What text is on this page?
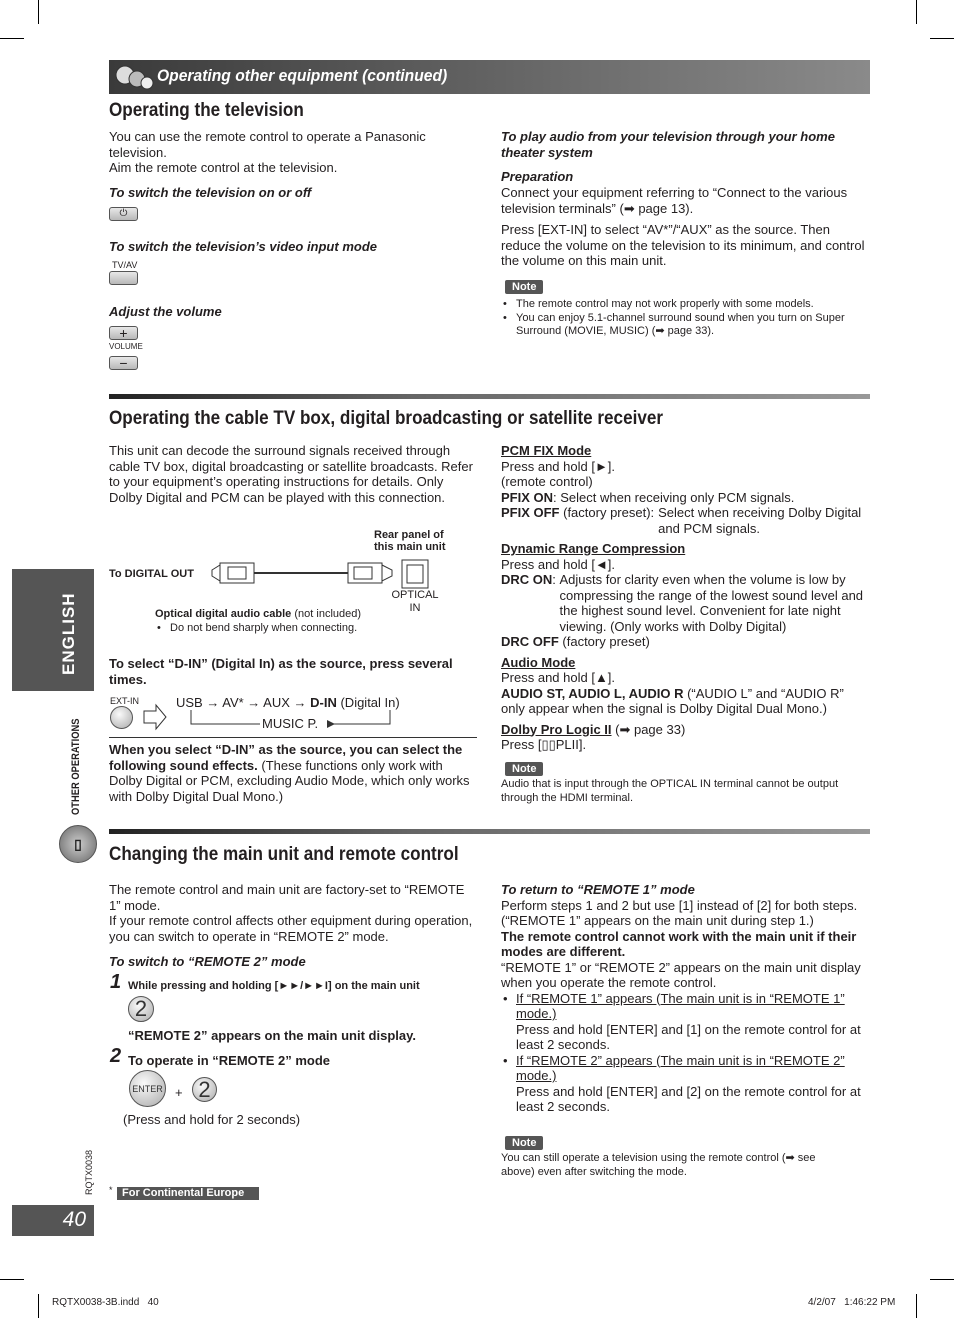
Operating other equipment (continued)
Operating the television
You can use the remote control to operate a Panasonic television.
Aim the remote control at the television.
To switch the television on or off
⏻
To switch the television’s video input mode
TV/AV
Adjust the volume
+
VOLUME
−
To play audio from your television through your home theater system
Preparation
Connect your equipment referring to “Connect to the various television terminals” (➡ page 13).
Press [EXT-IN] to select “AV*”/“AUX” as the source. Then reduce the volume on the television to its minimum, and control the volume on this main unit.
Note
• The remote control may not work properly with some models.
• You can enjoy 5.1-channel surround sound when you turn on Super Surround (MOVIE, MUSIC) (➡ page 33).
Operating the cable TV box, digital broadcasting or satellite receiver
This unit can decode the surround signals received through cable TV box, digital broadcasting or satellite broadcasts. Refer to your equipment’s operating instructions for details. Only Dolby Digital and PCM can be played with this connection.
Rear panel of this main unit
To DIGITAL OUT
OPTICAL
IN
Optical digital audio cable (not included)
• Do not bend sharply when connecting.
To select “D-IN” (Digital In) as the source, press several times.
EXT-IN	USB → AV* → AUX → D-IN (Digital In)
MUSIC P.
When you select “D-IN” as the source, you can select the following sound effects. (These functions only work with Dolby Digital or PCM, excluding Audio Mode, which only works with Dolby Digital Dual Mono.)
PCM FIX Mode
Press and hold [►].
(remote control)
PFIX ON: Select when receiving only PCM signals.
PFIX OFF (factory preset): Select when receiving Dolby Digital and PCM signals.
Dynamic Range Compression
Press and hold [◄].
DRC ON : Adjusts for clarity even when the volume is low by compressing the range of the lowest sound level and the highest sound level. Convenient for late night viewing. (Only works with Dolby Digital)
DRC OFF (factory preset)
Audio Mode
Press and hold [▲].
AUDIO ST, AUDIO L, AUDIO R (“AUDIO L” and “AUDIO R” only appear when the signal is Dolby Digital Dual Mono.)
Dolby Pro Logic II (➡ page 33)
Press [▯▯PLII].
Note
Audio that is input through the OPTICAL IN terminal cannot be output through the HDMI terminal.
Changing the main unit and remote control
The remote control and main unit are factory-set to “REMOTE 1” mode.
If your remote control affects other equipment during operation, you can switch to operate in “REMOTE 2” mode.
To switch to “REMOTE 2” mode
1 While pressing and holding [►►/►►I] on the main unit
2
“REMOTE 2” appears on the main unit display.
2 To operate in “REMOTE 2” mode
ENTER + 2
(Press and hold for 2 seconds)
To return to “REMOTE 1” mode
Perform steps 1 and 2 but use [1] instead of [2] for both steps. (“REMOTE 1” appears on the main unit during step 1.)
The remote control cannot work with the main unit if their modes are different.
“REMOTE 1” or “REMOTE 2” appears on the main unit display when you operate the remote control.
• If “REMOTE 1” appears (The main unit is in “REMOTE 1” mode.)
Press and hold [ENTER] and [1] on the remote control for at least 2 seconds.
• If “REMOTE 2” appears (The main unit is in “REMOTE 2” mode.)
Press and hold [ENTER] and [2] on the remote control for at least 2 seconds.
Note
You can still operate a television using the remote control (➡ see above) even after switching the mode.
ENGLISH
OTHER OPERATIONS
▯
RQTX0038 * For Continental Europe
40
RQTX0038-3B.indd   40	4/2/07   1:46:22 PM
